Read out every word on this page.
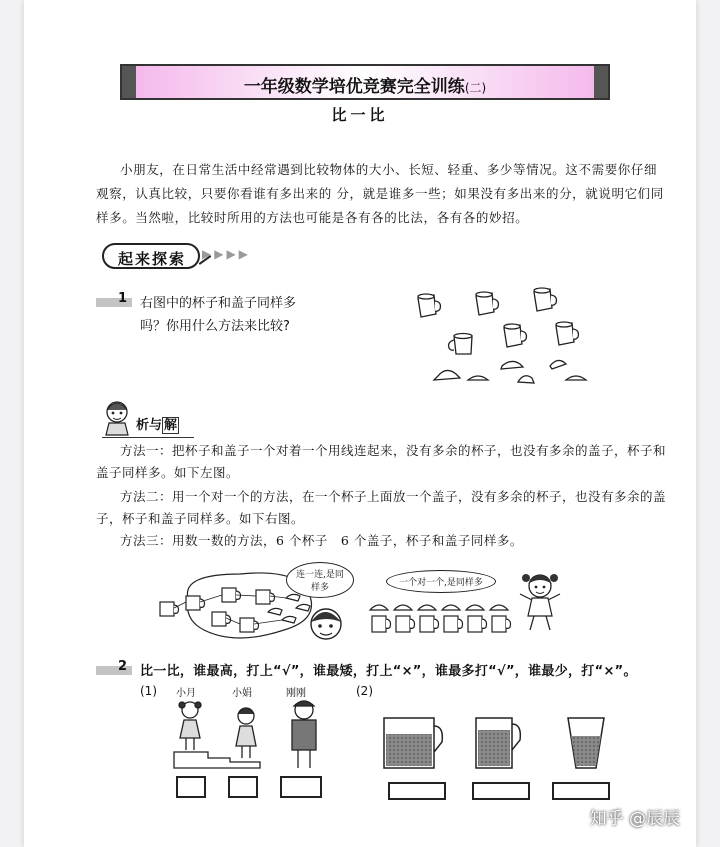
一年级数学培优竞赛完全训练(二)
比一比
小朋友，在日常生活中经常遇到比较物体的大小、长短、轻重、多少等情况。这不需要你仔细观察，认真比较，只要你看谁有多出来的 分，就是谁多一些；如果没有多出来的分，就说明它们同样多。当然啦，比较时所用的方法也可能是各有各的比法，各有各的妙招。
起来探索 ▶▶▶▶
1 右图中的杯子和盖子同样多
吗？你用什么方法来比较?
析与 解
方法一：把杯子和盖子一个对着一个用线连起来，没有多余的杯子，也没有多余的盖子，杯子和盖子同样多。如下左图。
方法二：用一个对一个的方法，在一个杯子上面放一个盖子，没有多余的杯子，也没有多余的盖子，杯子和盖子同样多。如下右图。
方法三：用数一数的方法，6 个杯子　6 个盖子，杯子和盖子同样多。
连一连,是同样多	一个对一个,是同样多
2 比一比，谁最高，打上“√”，谁最矮，打上“×”，谁最多打“√”，谁最少，打“×”。
(1)	(2)
小月	小娟	刚刚
知乎 @辰辰
